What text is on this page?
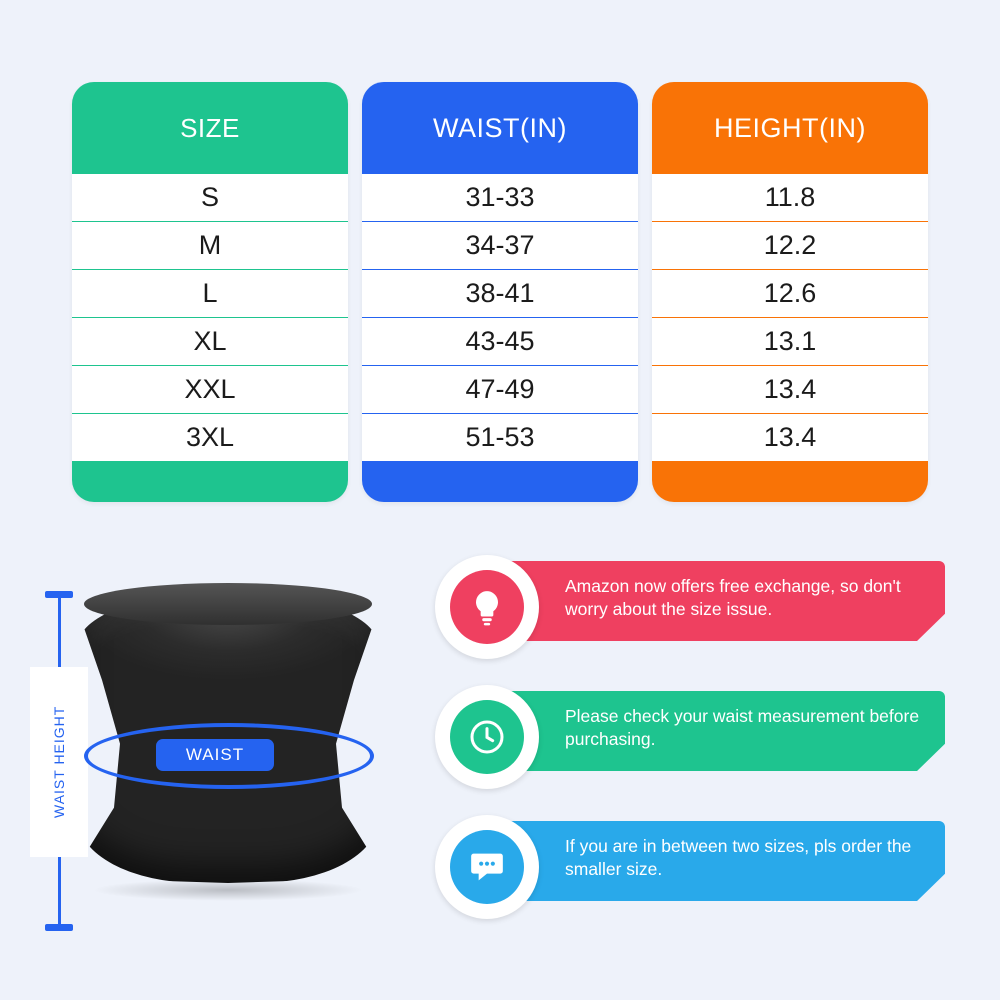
SIZE
S
M
L
XL
XXL
3XL
WAIST(IN)
31-33
34-37
38-41
43-45
47-49
51-53
HEIGHT(IN)
11.8
12.2
12.6
13.1
13.4
13.4
WAIST HEIGHT	WAIST
Amazon now offers free exchange, so don't worry about the size issue.
Please check your waist measurement before purchasing.
If you are in between two sizes, pls order the smaller size.
